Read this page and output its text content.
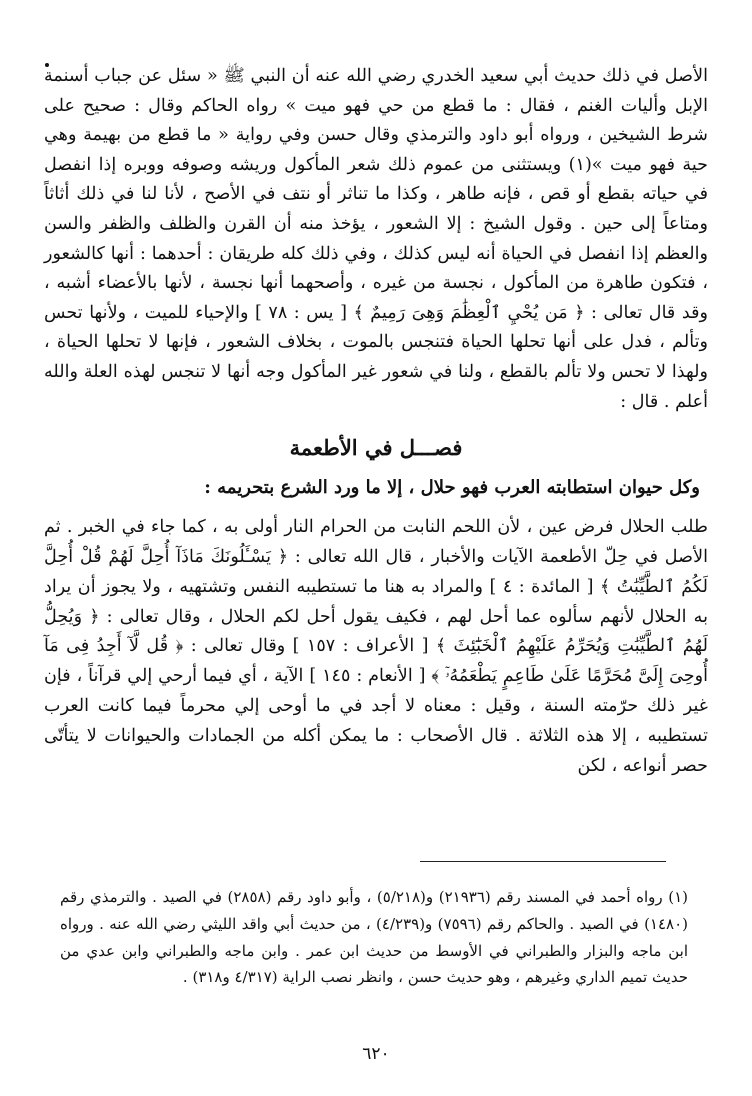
الأصل في ذلك حديث أبي سعيد الخدري رضي الله عنه أن النبي ﷺ « سئل عن جباب أسنمة الإبل وأليات الغنم ، فقال : ما قطع من حي فهو ميت » رواه الحاكم وقال : صحيح على شرط الشيخين ، ورواه أبو داود والترمذي وقال حسن وفي رواية « ما قطع من بهيمة وهي حية فهو ميت »(١) ويستثنى من عموم ذلك شعر المأكول وريشه وصوفه ووبره إذا انفصل في حياته بقطع أو قص ، فإنه طاهر ، وكذا ما تناثر أو نتف في الأصح ، لأنا لنا في ذلك أثاثاً ومتاعاً إلى حين . وقول الشيخ : إلا الشعور ، يؤخذ منه أن القرن والظلف والظفر والسن والعظم إذا انفصل في الحياة أنه ليس كذلك ، وفي ذلك كله طريقان : أحدهما : أنها كالشعور ، فتكون طاهرة من المأكول ، نجسة من غيره ، وأصحهما أنها نجسة ، لأنها بالأعضاء أشبه ، وقد قال تعالى : ﴿ مَن يُحْيِ ٱلْعِظَٰمَ وَهِىَ رَمِيمٌ ﴾ [ يس : ٧٨ ] والإحياء للميت ، ولأنها تحس وتألم ، فدل على أنها تحلها الحياة فتنجس بالموت ، بخلاف الشعور ، فإنها لا تحلها الحياة ، ولهذا لا تحس ولا تألم بالقطع ، ولنا في شعور غير المأكول وجه أنها لا تنجس لهذه العلة والله أعلم . قال :

فصـــل في الأطعمة
وكل حيوان استطابته العرب فهو حلال ، إلا ما ورد الشرع بتحريمه :

طلب الحلال فرض عين ، لأن اللحم النابت من الحرام النار أولى به ، كما جاء في الخبر . ثم الأصل في حِلّ الأطعمة الآيات والأخبار ، قال الله تعالى : ﴿ يَسْـَٔلُونَكَ مَاذَآ أُحِلَّ لَهُمْ قُلْ أُحِلَّ لَكُمُ ٱلطَّيِّبَٰتُ ﴾ [ المائدة : ٤ ] والمراد به هنا ما تستطيبه النفس وتشتهيه ، ولا يجوز أن يراد به الحلال لأنهم سألوه عما أحل لهم ، فكيف يقول أحل لكم الحلال ، وقال تعالى : ﴿ وَيُحِلُّ لَهُمُ ٱلطَّيِّبَٰتِ وَيُحَرِّمُ عَلَيْهِمُ ٱلْخَبَٰٓئِثَ ﴾ [ الأعراف : ١٥٧ ] وقال تعالى : ﴿ قُل لَّآ أَجِدُ فِى مَآ أُوحِىَ إِلَىَّ مُحَرَّمًا عَلَىٰ طَاعِمٍ يَطْعَمُهُۥٓ ﴾ [ الأنعام : ١٤٥ ] الآية ، أي فيما أرحي إلي قرآناً ، فإن غير ذلك حرّمته السنة ، وقيل : معناه لا أجد في ما أوحى إلي محرماً فيما كانت العرب تستطيبه ، إلا هذه الثلاثة . قال الأصحاب : ما يمكن أكله من الجمادات والحيوانات لا يتأتّى حصر أنواعه ، لكن

(١) رواه أحمد في المسند رقم (٢١٩٣٦) و(٥/٢١٨) ، وأبو داود رقم (٢٨٥٨) في الصيد . والترمذي رقم (١٤٨٠) في الصيد . والحاكم رقم (٧٥٩٦) و(٤/٢٣٩) ، من حديث أبي واقد الليثي رضي الله عنه . ورواه ابن ماجه والبزار والطبراني في الأوسط من حديث ابن عمر . وابن ماجه والطبراني وابن عدي من حديث تميم الداري وغيرهم ، وهو حديث حسن ، وانظر نصب الراية (٤/٣١٧ و٣١٨) .

٦٢٠
